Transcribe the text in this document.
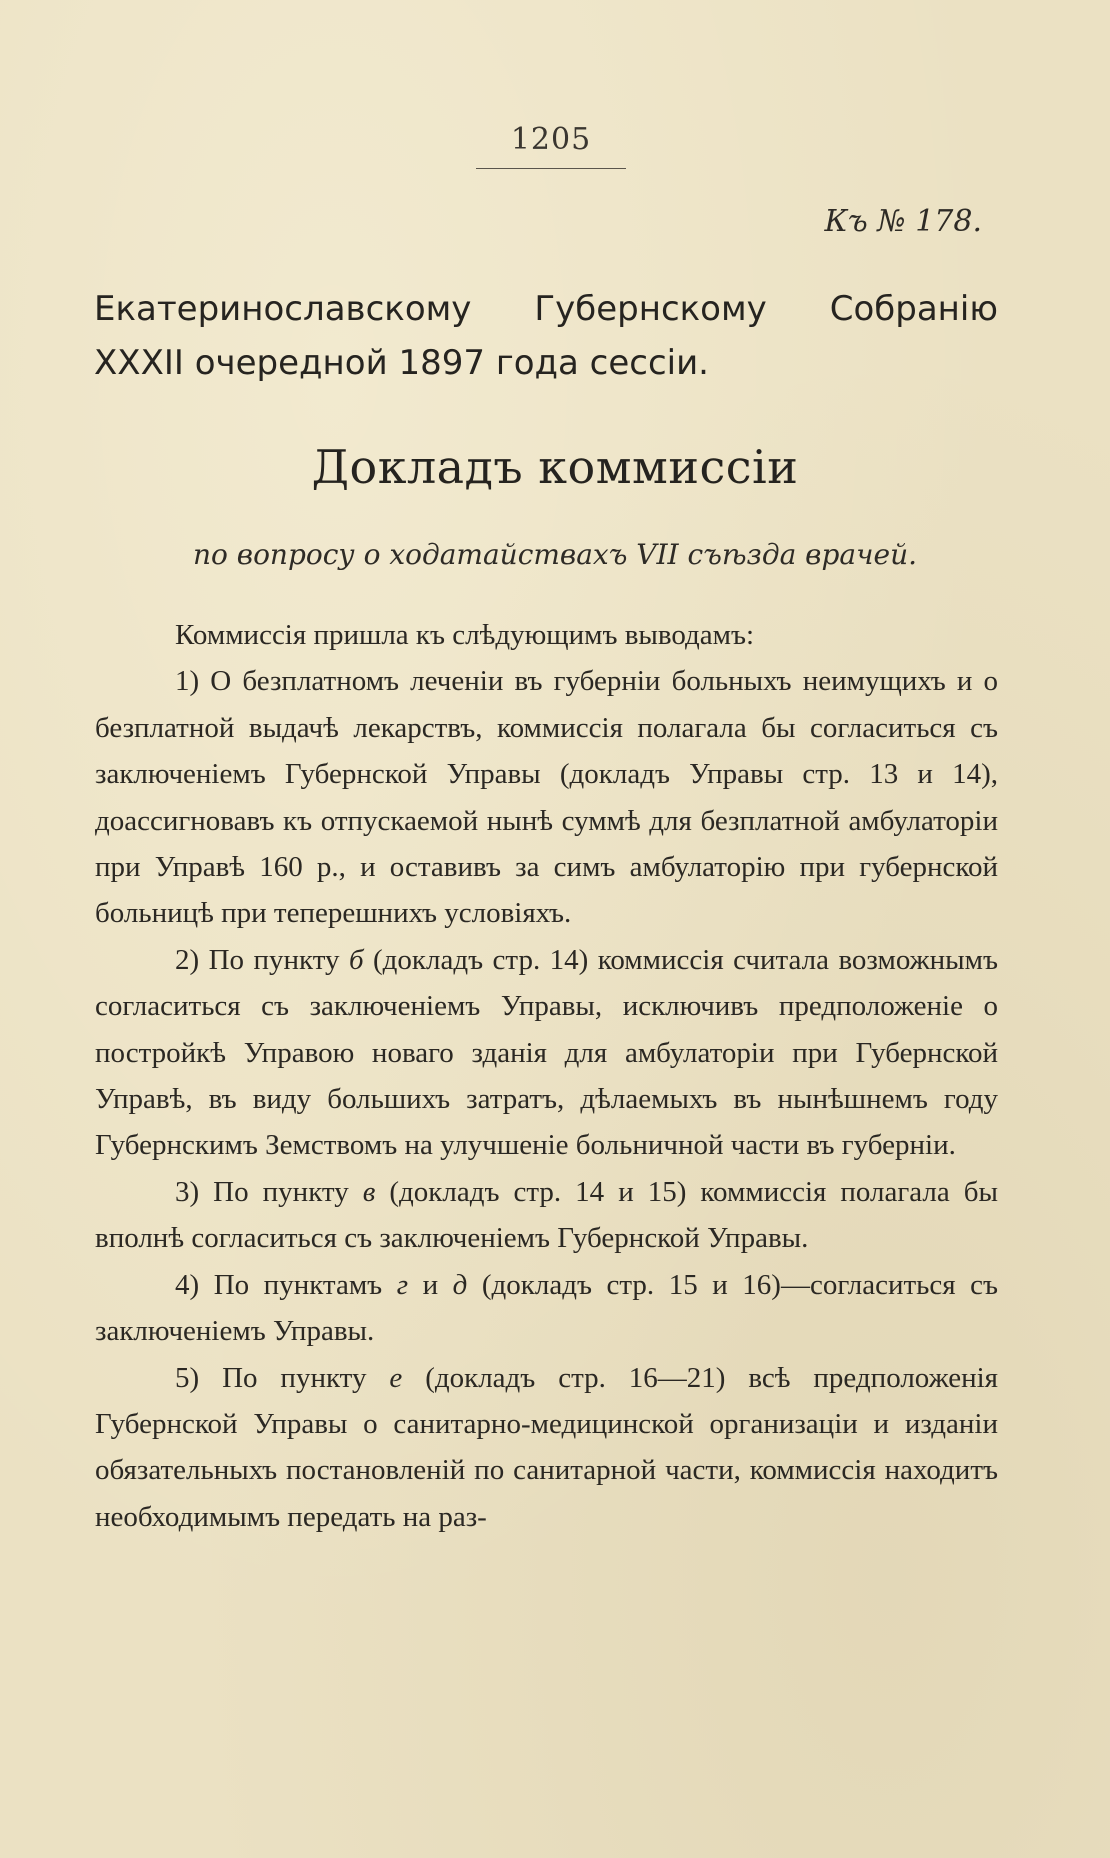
1205
Къ № 178.
Екатеринославскому Губернскому Собранію
XXXII очередной 1897 года сессіи.
Докладъ коммиссіи
по вопросу о ходатайствахъ VII съѣзда врачей.

Коммиссія пришла къ слѣдующимъ выводамъ:

1) О безплатномъ леченіи въ губерніи больныхъ неимущихъ и о безплатной выдачѣ лекарствъ, коммиссія полагала бы согласиться съ заключеніемъ Губернской Управы (докладъ Управы стр. 13 и 14), доассигновавъ къ отпускаемой нынѣ суммѣ для безплатной амбулаторіи при Управѣ 160 р., и оставивъ за симъ амбулаторію при губернской больницѣ при теперешнихъ условіяхъ.

2) По пункту б (докладъ стр. 14) коммиссія считала возможнымъ согласиться съ заключеніемъ Управы, исключивъ предположеніе о постройкѣ Управою новаго зданія для амбулаторіи при Губернской Управѣ, въ виду большихъ затратъ, дѣлаемыхъ въ нынѣшнемъ году Губернскимъ Земствомъ на улучшеніе больничной части въ губерніи.

3) По пункту в (докладъ стр. 14 и 15) коммиссія полагала бы вполнѣ согласиться съ заключеніемъ Губернской Управы.

4) По пунктамъ г и д (докладъ стр. 15 и 16)—согласиться съ заключеніемъ Управы.

5) По пункту е (докладъ стр. 16—21) всѣ предположенія Губернской Управы о санитарно-медицинской организаціи и изданіи обязательныхъ постановленій по санитарной части, коммиссія находитъ необходимымъ передать на раз-
